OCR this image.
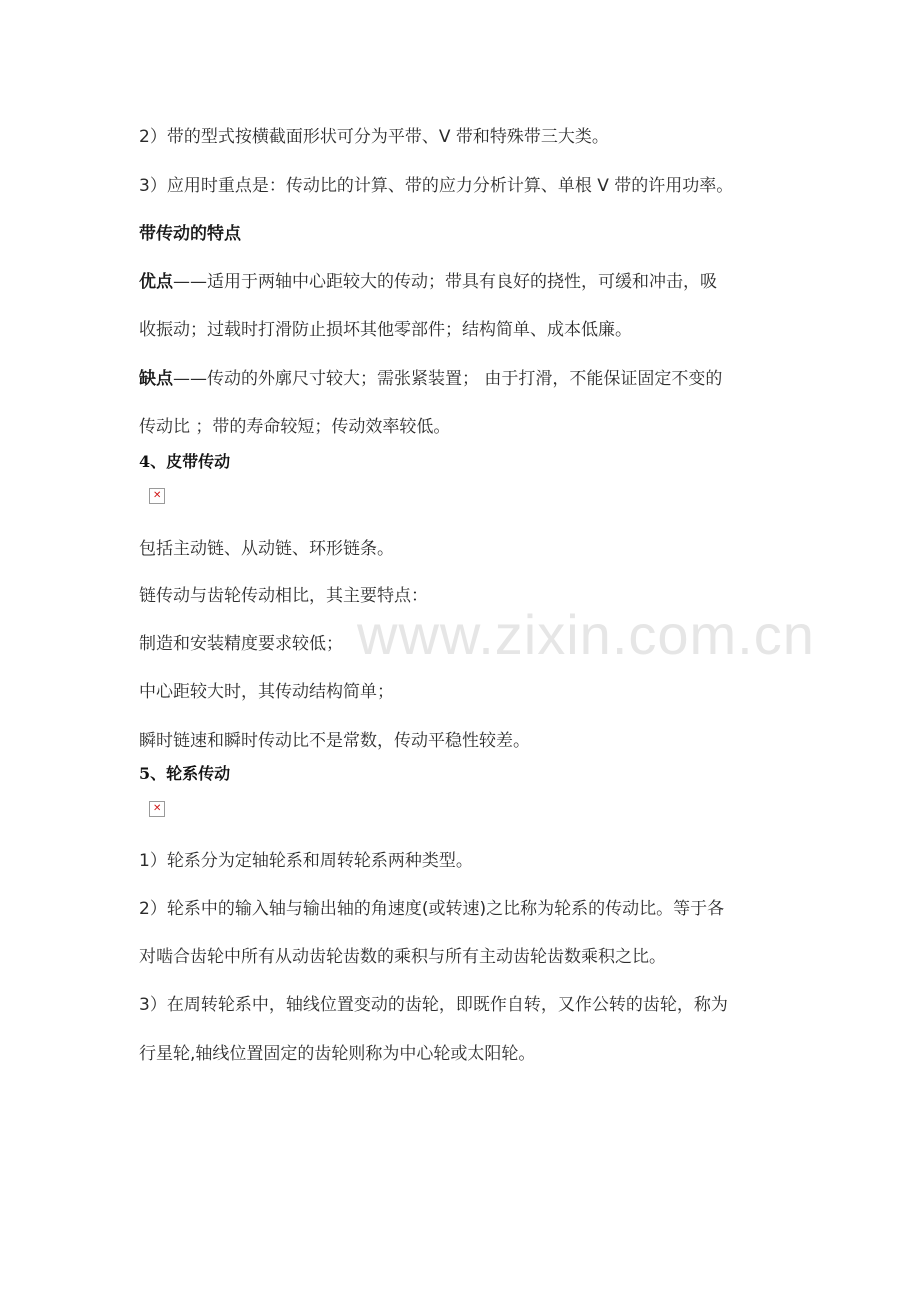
www.zixin.com.cn
2）带的型式按横截面形状可分为平带、V 带和特殊带三大类。
3）应用时重点是：传动比的计算、带的应力分析计算、单根 V 带的许用功率。
带传动的特点
优点——适用于两轴中心距较大的传动；带具有良好的挠性，可缓和冲击，吸
收振动；过载时打滑防止损坏其他零部件；结构简单、成本低廉。
缺点——传动的外廓尺寸较大；需张紧装置； 由于打滑，不能保证固定不变的
传动比 ；带的寿命较短；传动效率较低。
4、皮带传动
✕
包括主动链、从动链、环形链条。
链传动与齿轮传动相比，其主要特点：
制造和安装精度要求较低；
中心距较大时，其传动结构简单；
瞬时链速和瞬时传动比不是常数，传动平稳性较差。
5、轮系传动
✕
1）轮系分为定轴轮系和周转轮系两种类型。
2）轮系中的输入轴与输出轴的角速度(或转速)之比称为轮系的传动比。等于各
对啮合齿轮中所有从动齿轮齿数的乘积与所有主动齿轮齿数乘积之比。
3）在周转轮系中，轴线位置变动的齿轮，即既作自转，又作公转的齿轮，称为
行星轮,轴线位置固定的齿轮则称为中心轮或太阳轮。
